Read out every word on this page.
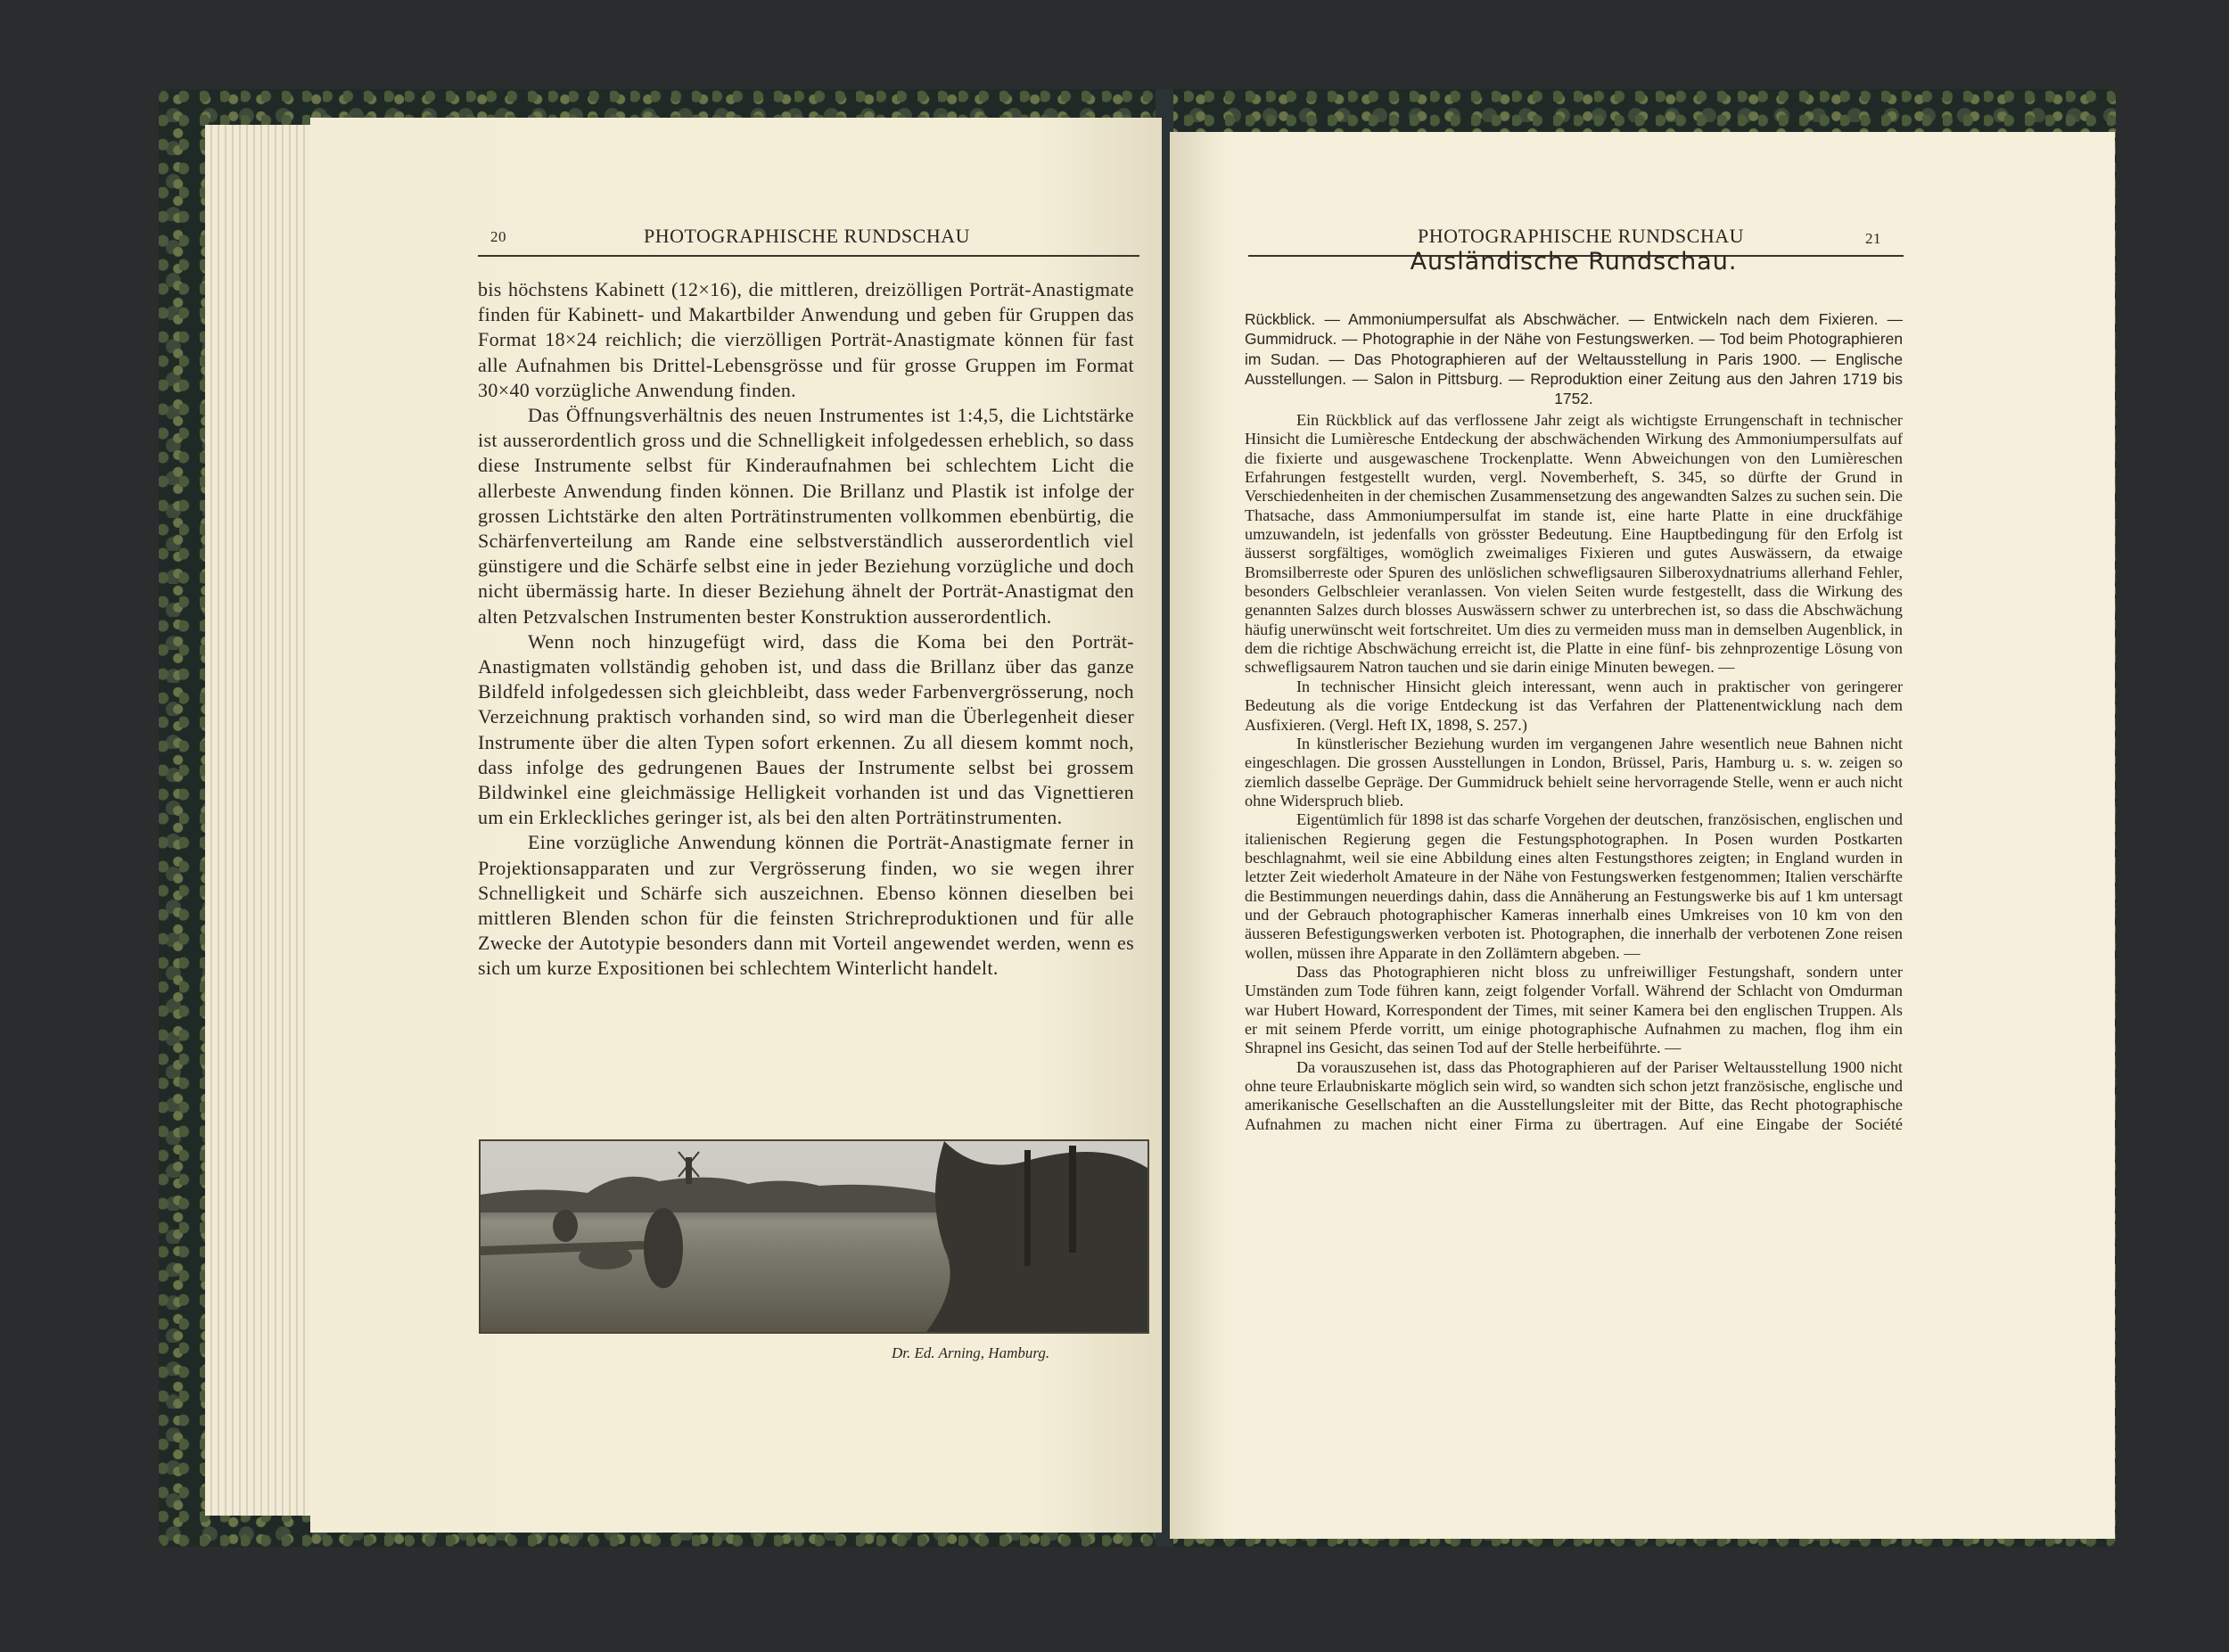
20	PHOTOGRAPHISCHE RUNDSCHAU

bis höchstens Kabinett (12×16), die mittleren, dreizölligen Porträt-Anastigmate finden für Kabinett- und Makartbilder Anwendung und geben für Gruppen das Format 18×24 reichlich; die vierzölligen Porträt-Anastigmate können für fast alle Aufnahmen bis Drittel-Lebensgrösse und für grosse Gruppen im Format 30×40 vorzügliche Anwendung finden.

Das Öffnungsverhältnis des neuen Instrumentes ist 1:4,5, die Lichtstärke ist ausserordentlich gross und die Schnelligkeit infolgedessen erheblich, so dass diese Instrumente selbst für Kinderaufnahmen bei schlechtem Licht die allerbeste Anwendung finden können. Die Brillanz und Plastik ist infolge der grossen Lichtstärke den alten Porträtinstrumenten vollkommen ebenbürtig, die Schärfenverteilung am Rande eine selbstverständlich ausserordentlich viel günstigere und die Schärfe selbst eine in jeder Beziehung vorzügliche und doch nicht übermässig harte. In dieser Beziehung ähnelt der Porträt-Anastigmat den alten Petzvalschen Instrumenten bester Konstruktion ausserordentlich.

Wenn noch hinzugefügt wird, dass die Koma bei den Porträt-Anastigmaten vollständig gehoben ist, und dass die Brillanz über das ganze Bildfeld infolgedessen sich gleichbleibt, dass weder Farbenvergrösserung, noch Verzeichnung praktisch vorhanden sind, so wird man die Überlegenheit dieser Instrumente über die alten Typen sofort erkennen. Zu all diesem kommt noch, dass infolge des gedrungenen Baues der Instrumente selbst bei grossem Bildwinkel eine gleichmässige Helligkeit vorhanden ist und das Vignettieren um ein Erkleckliches geringer ist, als bei den alten Porträtinstrumenten.

Eine vorzügliche Anwendung können die Porträt-Anastigmate ferner in Projektionsapparaten und zur Vergrösserung finden, wo sie wegen ihrer Schnelligkeit und Schärfe sich auszeichnen. Ebenso können dieselben bei mittleren Blenden schon für die feinsten Strichreproduktionen und für alle Zwecke der Autotypie besonders dann mit Vorteil angewendet werden, wenn es sich um kurze Expositionen bei schlechtem Winterlicht handelt.

Dr. Ed. Arning, Hamburg.
PHOTOGRAPHISCHE RUNDSCHAU	21
Ausländische Rundschau.
Rückblick. — Ammoniumpersulfat als Abschwächer. — Entwickeln nach dem Fixieren. — Gummidruck. — Photographie in der Nähe von Festungswerken. — Tod beim Photographieren im Sudan. — Das Photographieren auf der Weltausstellung in Paris 1900. — Englische Ausstellungen. — Salon in Pittsburg. — Reproduktion einer Zeitung aus den Jahren 1719 bis 1752.

Ein Rückblick auf das verflossene Jahr zeigt als wichtigste Errungenschaft in technischer Hinsicht die Lumièresche Entdeckung der abschwächenden Wirkung des Ammoniumpersulfats auf die fixierte und ausgewaschene Trockenplatte. Wenn Abweichungen von den Lumièreschen Erfahrungen festgestellt wurden, vergl. Novemberheft, S. 345, so dürfte der Grund in Verschiedenheiten in der chemischen Zusammensetzung des angewandten Salzes zu suchen sein. Die Thatsache, dass Ammoniumpersulfat im stande ist, eine harte Platte in eine druckfähige umzuwandeln, ist jedenfalls von grösster Bedeutung. Eine Hauptbedingung für den Erfolg ist äusserst sorgfältiges, womöglich zweimaliges Fixieren und gutes Auswässern, da etwaige Bromsilberreste oder Spuren des unlöslichen schwefligsauren Silberoxydnatriums allerhand Fehler, besonders Gelbschleier veranlassen. Von vielen Seiten wurde festgestellt, dass die Wirkung des genannten Salzes durch blosses Auswässern schwer zu unterbrechen ist, so dass die Abschwächung häufig unerwünscht weit fortschreitet. Um dies zu vermeiden muss man in demselben Augenblick, in dem die richtige Abschwächung erreicht ist, die Platte in eine fünf- bis zehnprozentige Lösung von schwefligsaurem Natron tauchen und sie darin einige Minuten bewegen. —

In technischer Hinsicht gleich interessant, wenn auch in praktischer von geringerer Bedeutung als die vorige Entdeckung ist das Verfahren der Plattenentwicklung nach dem Ausfixieren. (Vergl. Heft IX, 1898, S. 257.)

In künstlerischer Beziehung wurden im vergangenen Jahre wesentlich neue Bahnen nicht eingeschlagen. Die grossen Ausstellungen in London, Brüssel, Paris, Hamburg u. s. w. zeigen so ziemlich dasselbe Gepräge. Der Gummidruck behielt seine hervorragende Stelle, wenn er auch nicht ohne Widerspruch blieb.

Eigentümlich für 1898 ist das scharfe Vorgehen der deutschen, französischen, englischen und italienischen Regierung gegen die Festungsphotographen. In Posen wurden Postkarten beschlagnahmt, weil sie eine Abbildung eines alten Festungsthores zeigten; in England wurden in letzter Zeit wiederholt Amateure in der Nähe von Festungswerken festgenommen; Italien verschärfte die Bestimmungen neuerdings dahin, dass die Annäherung an Festungswerke bis auf 1 km untersagt und der Gebrauch photographischer Kameras innerhalb eines Umkreises von 10 km von den äusseren Befestigungswerken verboten ist. Photographen, die innerhalb der verbotenen Zone reisen wollen, müssen ihre Apparate in den Zollämtern abgeben. —

Dass das Photographieren nicht bloss zu unfreiwilliger Festungshaft, sondern unter Umständen zum Tode führen kann, zeigt folgender Vorfall. Während der Schlacht von Omdurman war Hubert Howard, Korrespondent der Times, mit seiner Kamera bei den englischen Truppen. Als er mit seinem Pferde vorritt, um einige photographische Aufnahmen zu machen, flog ihm ein Shrapnel ins Gesicht, das seinen Tod auf der Stelle herbeiführte. —

Da vorauszusehen ist, dass das Photographieren auf der Pariser Weltausstellung 1900 nicht ohne teure Erlaubniskarte möglich sein wird, so wandten sich schon jetzt französische, englische und amerikanische Gesellschaften an die Ausstellungsleiter mit der Bitte, das Recht photographische Aufnahmen zu machen nicht einer Firma zu übertragen. Auf eine Eingabe der Société
